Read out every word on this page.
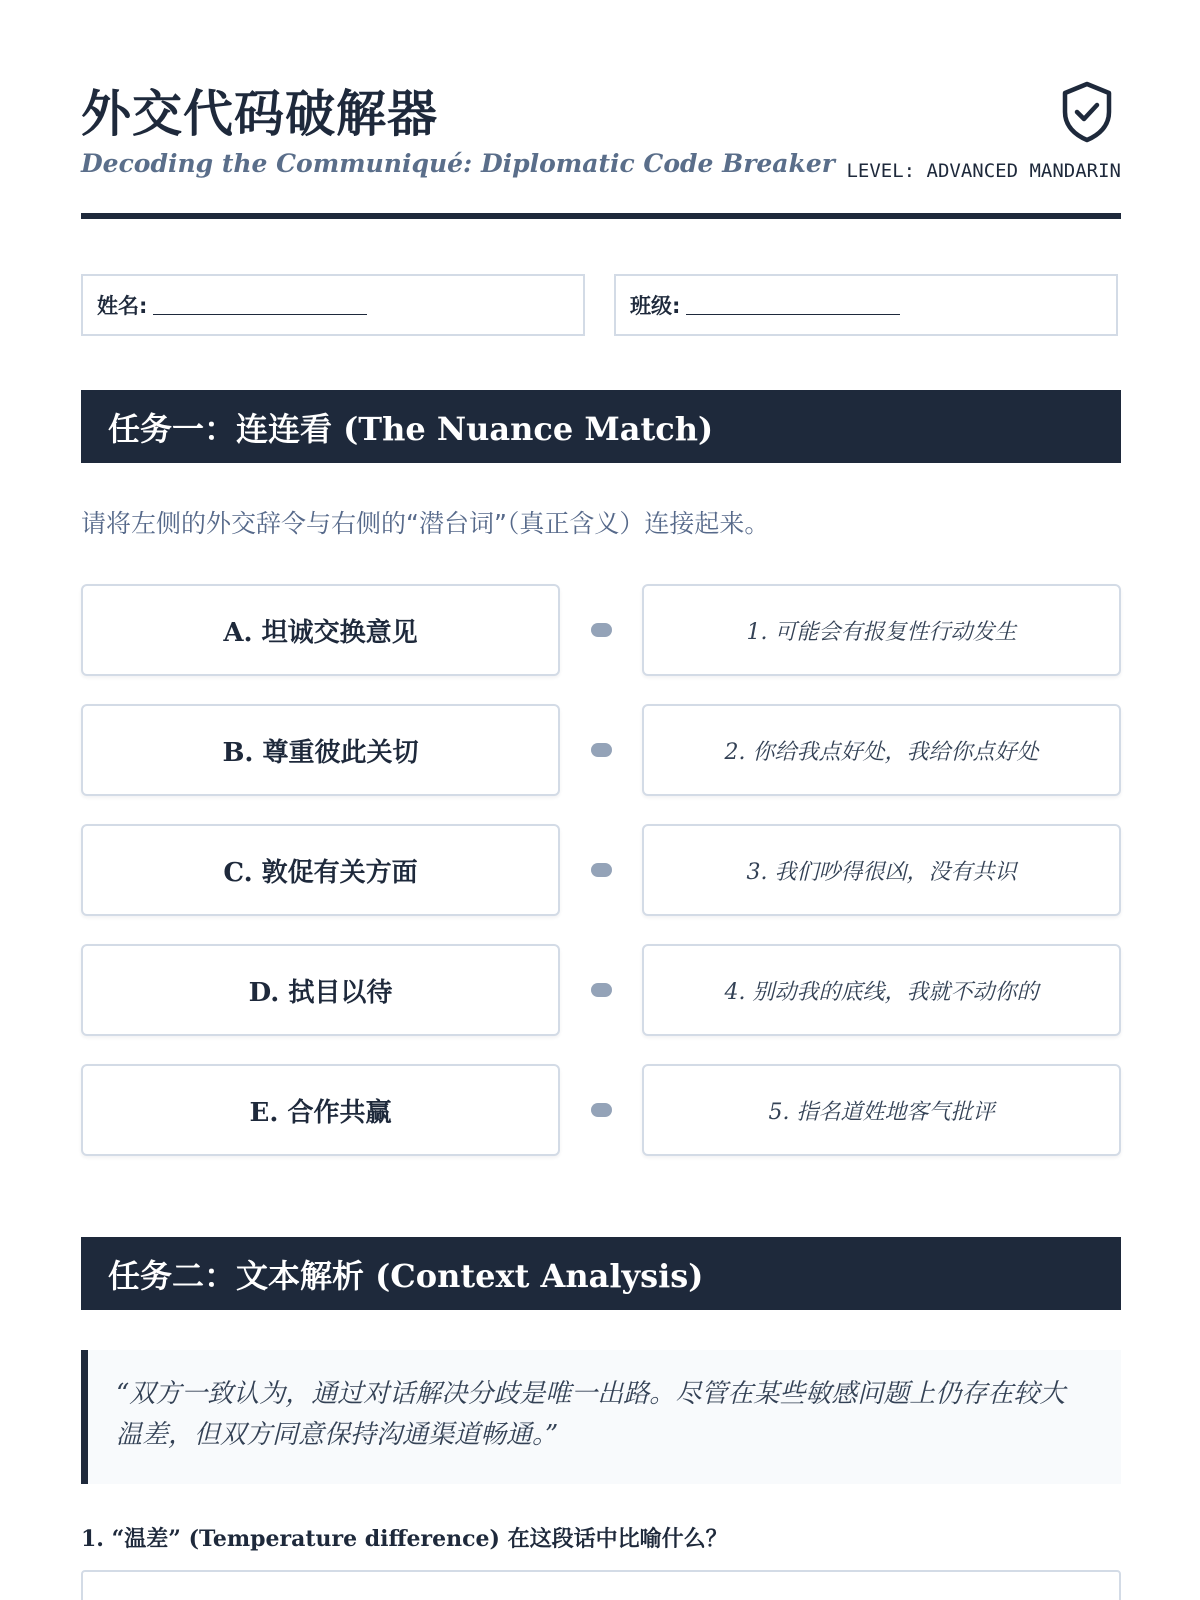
外交代码破解器
Decoding the Communiqué: Diplomatic Code Breaker LEVEL: ADVANCED MANDARIN
姓名:	班级:
任务一：连连看 (The Nuance Match)
请将左侧的外交辞令与右侧的“潜台词”（真正含义）连接起来。
A. 坦诚交换意见	1. 可能会有报复性行动发生
B. 尊重彼此关切	2. 你给我点好处，我给你点好处
C. 敦促有关方面	3. 我们吵得很凶，没有共识
D. 拭目以待	4. 别动我的底线，我就不动你的
E. 合作共赢	5. 指名道姓地客气批评
任务二：文本解析 (Context Analysis)
“双方一致认为，通过对话解决分歧是唯一出路。尽管在某些敏感问题上仍存在较大温差，但双方同意保持沟通渠道畅通。”
1. “温差” (Temperature difference) 在这段话中比喻什么？
